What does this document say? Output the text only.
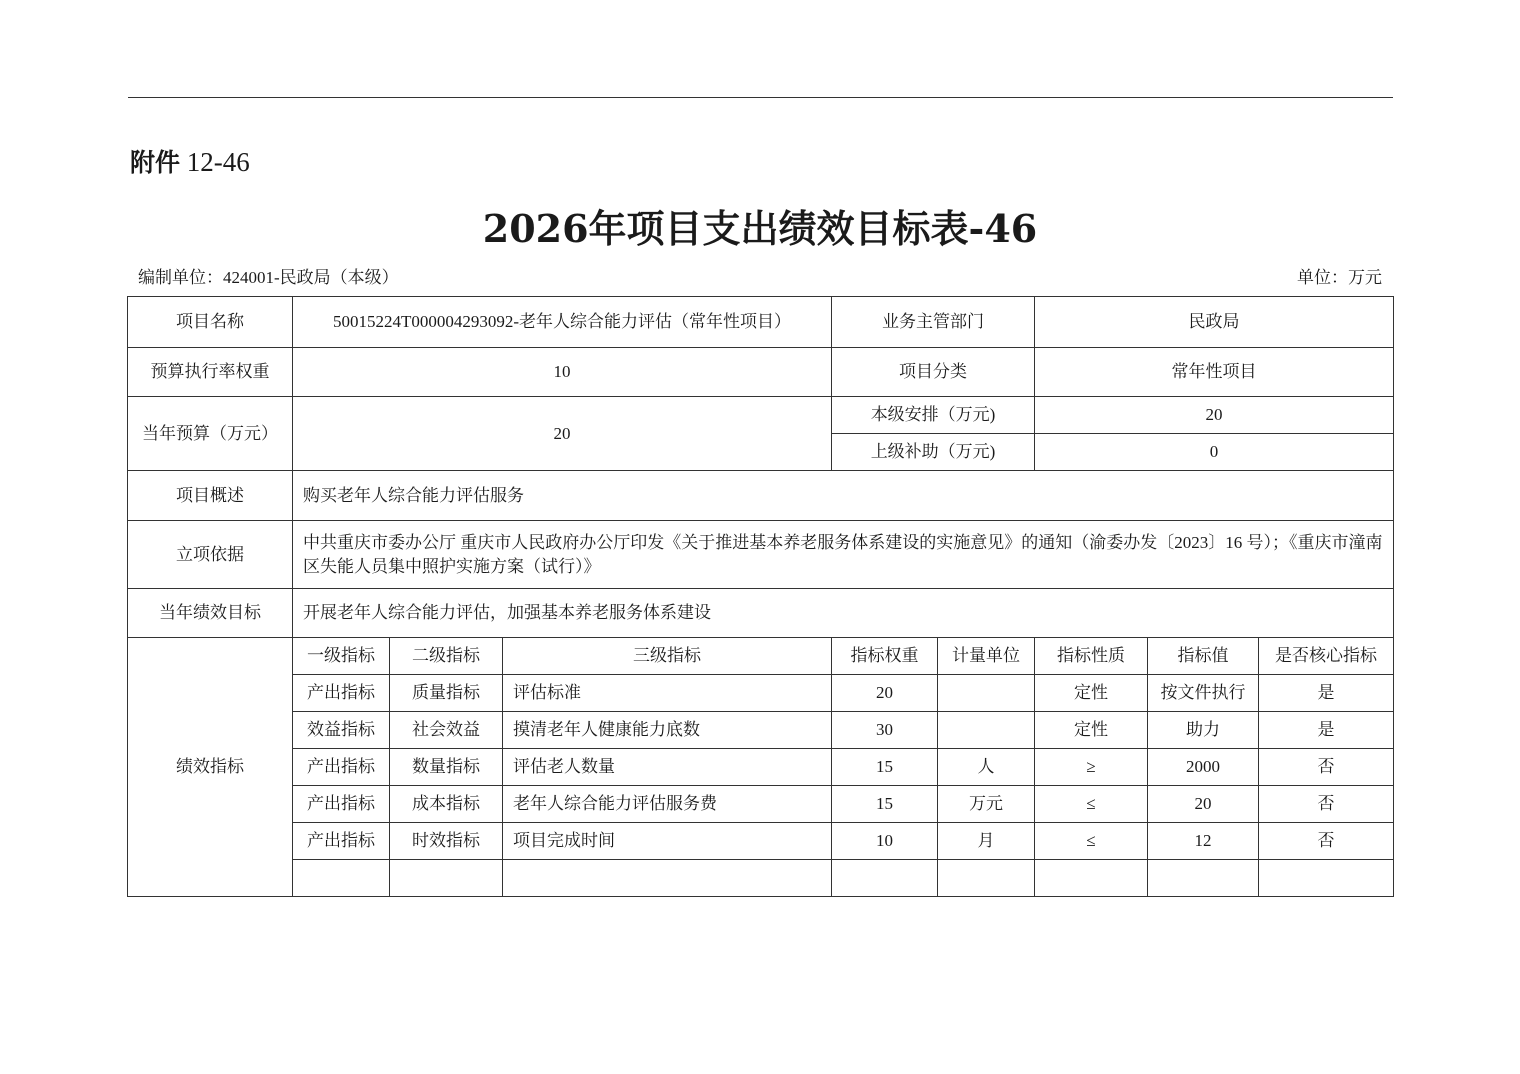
附件 12-46
2026年项目支出绩效目标表-46
编制单位：424001-民政局（本级）	单位：万元
项目名称	50015224T000004293092-老年人综合能力评估（常年性项目）			业务主管部门		民政局		
预算执行率权重	10			项目分类		常年性项目		
当年预算（万元）	20			本级安排（万元)		20		
				上级补助（万元)		0		
项目概述	购买老年人综合能力评估服务							
立项依据	中共重庆市委办公厅 重庆市人民政府办公厅印发《关于推进基本养老服务体系建设的实施意见》的通知（渝委办发〔2023〕16 号）；《重庆市潼南区失能人员集中照护实施方案（试行）》							
当年绩效目标	开展老年人综合能力评估，加强基本养老服务体系建设							
绩效指标	一级指标	二级指标	三级指标	指标权重	计量单位	指标性质	指标值	是否核心指标
	产出指标	质量指标	评估标准	20		定性	按文件执行	是
	效益指标	社会效益	摸清老年人健康能力底数	30		定性	助力	是
	产出指标	数量指标	评估老人数量	15	人	≥	2000	否
	产出指标	成本指标	老年人综合能力评估服务费	15	万元	≤	20	否
	产出指标	时效指标	项目完成时间	10	月	≤	12	否
